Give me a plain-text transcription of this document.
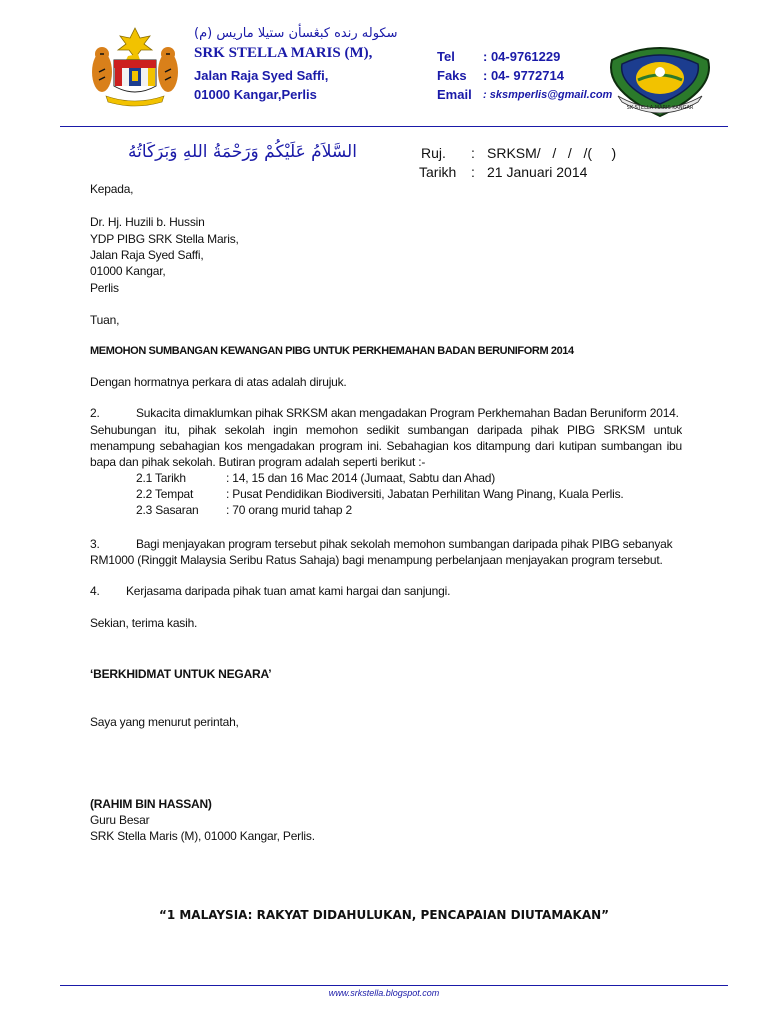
سكوله رنده كبڠسأن ستيلا ماريس (م)
SRK STELLA MARIS (M),
Jalan Raja Syed Saffi,
01000 Kangar,Perlis
Tel : 04-9761229
Faks : 04- 9772714
Email : sksmperlis@gmail.com
SK STELLA MARIS KANGAR
السَّلاَمُ عَلَيْكُمْ وَرَحْمَةُ اللهِ وَبَرَكَاتُهُ	Ruj. : SRKSM/   /   /   /(     )
Tarikh : 21 Januari 2014
Kepada,
Dr. Hj. Huzili b. Hussin
YDP PIBG SRK Stella Maris,
Jalan Raja Syed Saffi,
01000 Kangar,
Perlis
Tuan,
MEMOHON SUMBANGAN KEWANGAN PIBG UNTUK PERKHEMAHAN BADAN BERUNIFORM 2014
Dengan hormatnya perkara di atas adalah dirujuk.
2.	Sukacita dimaklumkan pihak SRKSM akan mengadakan Program Perkhemahan Badan Beruniform 2014.
Sehubungan itu, pihak sekolah ingin memohon sedikit sumbangan daripada pihak PIBG SRKSM untuk menampung sebahagian kos mengadakan program ini. Sebahagian kos ditampung dari kutipan sumbangan ibu bapa dan pihak sekolah. Butiran program adalah seperti berikut :-
2.1 Tarikh	: 14, 15 dan 16 Mac 2014 (Jumaat, Sabtu dan Ahad)
2.2 Tempat	: Pusat Pendidikan Biodiversiti, Jabatan Perhilitan Wang Pinang, Kuala Perlis.
2.3 Sasaran : 70 orang murid tahap 2
3.	Bagi menjayakan program tersebut pihak sekolah memohon sumbangan daripada pihak PIBG sebanyak
RM1000 (Ringgit Malaysia Seribu Ratus Sahaja) bagi menampung perbelanjaan menjayakan program tersebut.
4. Kerjasama daripada pihak tuan amat kami hargai dan sanjungi.
Sekian, terima kasih.
‘BERKHIDMAT UNTUK NEGARA’
Saya yang menurut perintah,
(RAHIM BIN HASSAN)
Guru Besar
SRK Stella Maris (M), 01000 Kangar, Perlis.
“1 MALAYSIA: RAKYAT DIDAHULUKAN, PENCAPAIAN DIUTAMAKAN”
www.srkstella.blogspot.com
